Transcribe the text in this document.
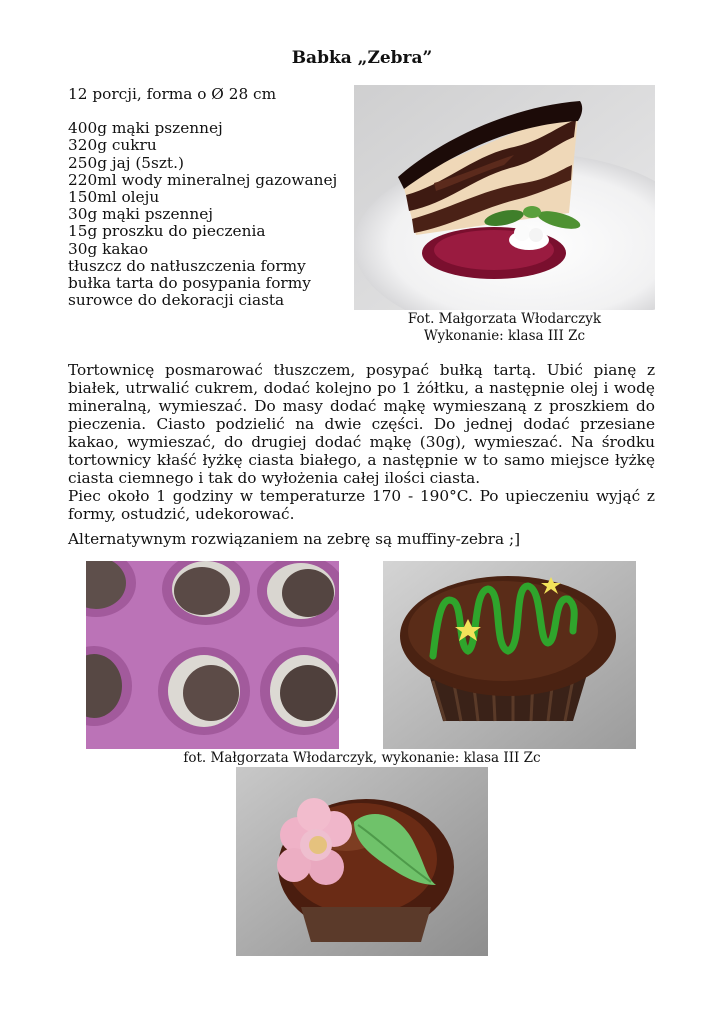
Babka „Zebra”
12 porcji, forma o Ø 28 cm
400g mąki pszennej
320g cukru
250g jaj (5szt.)
220ml wody mineralnej gazowanej
150ml oleju
30g mąki pszennej
15g proszku do pieczenia
30g kakao
tłuszcz do natłuszczenia formy
bułka tarta do posypania formy
surowce do dekoracji ciasta
Fot. Małgorzata Włodarczyk
Wykonanie: klasa III Zc

Tortownicę posmarować tłuszczem, posypać bułką tartą. Ubić pianę z białek, utrwalić cukrem, dodać kolejno po 1 żółtku, a następnie olej i wodę mineralną, wymieszać. Do masy dodać mąkę wymieszaną z proszkiem do pieczenia. Ciasto podzielić na dwie części. Do jednej dodać przesiane kakao, wymieszać, do drugiej dodać mąkę (30g), wymieszać. Na środku tortownicy kłaść łyżkę ciasta białego, a następnie w to samo miejsce łyżkę ciasta ciemnego i tak do wyłożenia całej ilości ciasta.

Piec około 1 godziny w temperaturze 170 - 190°C. Po upieczeniu wyjąć z formy, ostudzić, udekorować.

Alternatywnym rozwiązaniem na zebrę są muffiny-zebra ;]
fot. Małgorzata Włodarczyk, wykonanie: klasa III Zc
